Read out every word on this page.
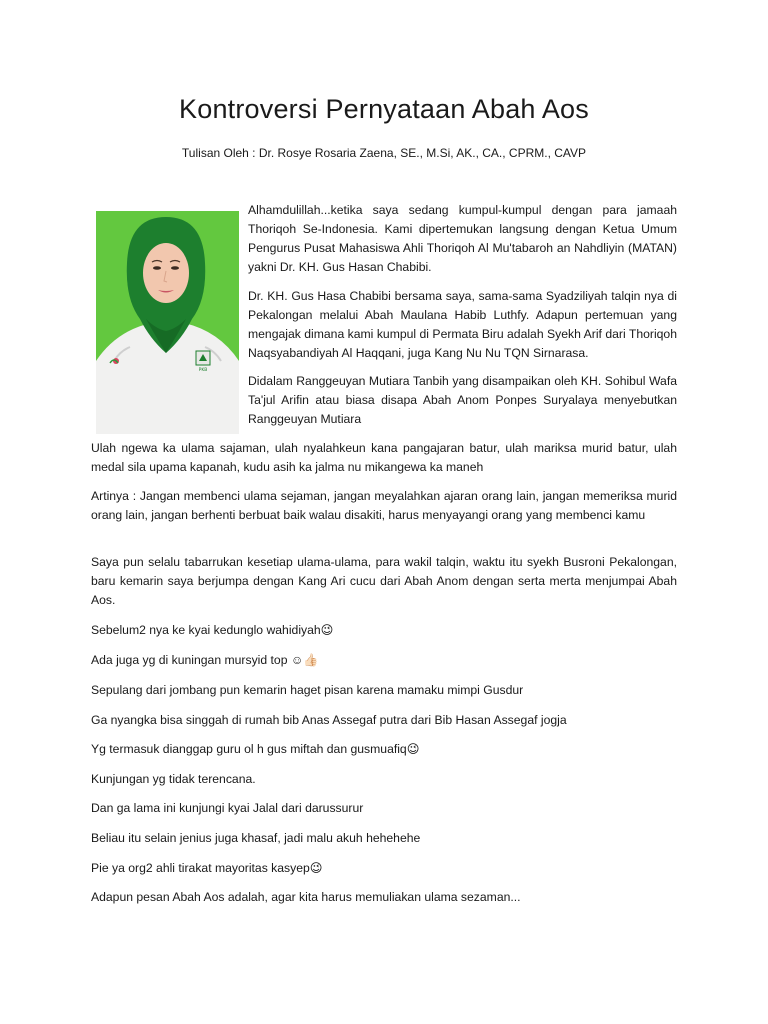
Kontroversi Pernyataan Abah Aos

Tulisan Oleh : Dr. Rosye Rosaria Zaena, SE., M.Si, AK., CA., CPRM., CAVP

PKB

Alhamdulillah...ketika saya sedang kumpul-kumpul dengan para jamaah Thoriqoh Se-Indonesia. Kami dipertemukan langsung dengan Ketua Umum Pengurus Pusat Mahasiswa Ahli Thoriqoh Al Mu'tabaroh an Nahdliyin (MATAN) yakni Dr. KH. Gus Hasan Chabibi.

Dr. KH. Gus Hasa Chabibi bersama saya, sama-sama Syadziliyah talqin nya di Pekalongan melalui Abah Maulana Habib Luthfy. Adapun pertemuan yang mengajak dimana kami kumpul di Permata Biru adalah Syekh Arif dari Thoriqoh Naqsyabandiyah Al Haqqani, juga Kang Nu Nu TQN Sirnarasa.

Didalam Ranggeuyan Mutiara Tanbih yang disampaikan oleh KH. Sohibul Wafa Ta'jul Arifin atau biasa disapa Abah Anom Ponpes Suryalaya menyebutkan Ranggeuyan Mutiara

Ulah ngewa ka ulama sajaman, ulah nyalahkeun kana pangajaran batur, ulah mariksa murid batur, ulah medal sila upama kapanah, kudu asih ka jalma nu mikangewa ka maneh

Artinya : Jangan membenci ulama sejaman, jangan meyalahkan ajaran orang lain, jangan memeriksa murid orang lain, jangan berhenti berbuat baik walau disakiti, harus menyayangi orang yang membenci kamu

Saya pun selalu tabarrukan kesetiap ulama-ulama, para wakil talqin, waktu itu syekh Busroni Pekalongan, baru kemarin saya berjumpa dengan Kang Ari cucu dari Abah Anom dengan serta merta menjumpai Abah Aos.

Sebelum2 nya ke kyai kedunglo wahidiyah😉

Ada juga yg di kuningan mursyid top ☺👍🏻

Sepulang dari jombang pun kemarin haget pisan karena mamaku mimpi Gusdur

Ga nyangka bisa singgah di rumah bib Anas Assegaf putra dari Bib Hasan Assegaf jogja

Yg termasuk dianggap guru ol h gus miftah dan gusmuafiq😉

Kunjungan yg tidak terencana.

Dan ga lama ini kunjungi kyai Jalal dari darussurur

Beliau itu selain jenius juga khasaf, jadi malu akuh hehehehe

Pie ya org2 ahli tirakat mayoritas kasyep😉

Adapun pesan Abah Aos adalah, agar kita harus memuliakan ulama sezaman...
